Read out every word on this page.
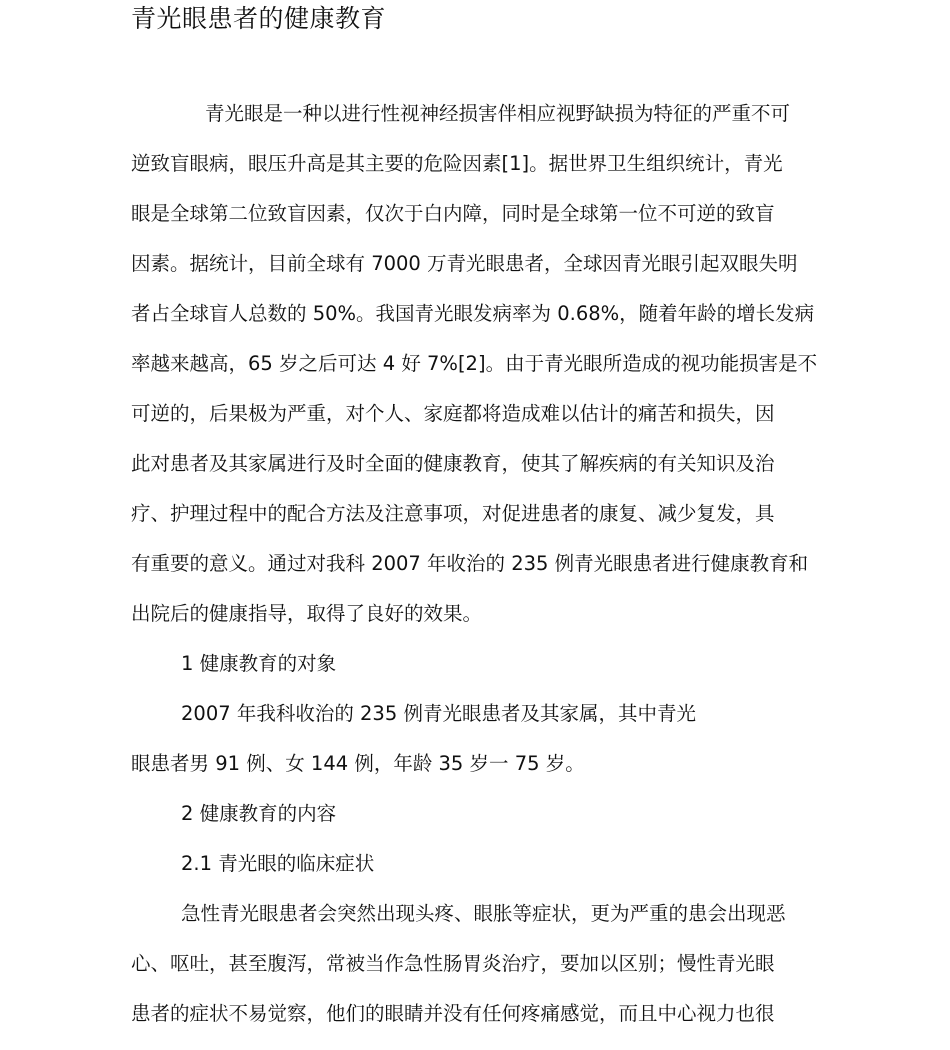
青光眼患者的健康教育
青光眼是一种以进行性视神经损害伴相应视野缺损为特征的严重不可
逆致盲眼病，眼压升高是其主要的危险因素[1]。据世界卫生组织统计，青光
眼是全球第二位致盲因素，仅次于白内障，同时是全球第一位不可逆的致盲
因素。据统计，目前全球有 7000 万青光眼患者，全球因青光眼引起双眼失明
者占全球盲人总数的 50%。我国青光眼发病率为 0.68%，随着年龄的增长发病
率越来越高，65 岁之后可达 4 好 7%[2]。由于青光眼所造成的视功能损害是不
可逆的，后果极为严重，对个人、家庭都将造成难以估计的痛苦和损失，因
此对患者及其家属进行及时全面的健康教育，使其了解疾病的有关知识及治
疗、护理过程中的配合方法及注意事项，对促进患者的康复、减少复发，具
有重要的意义。通过对我科 2007 年收治的 235 例青光眼患者进行健康教育和
出院后的健康指导，取得了良好的效果。
1 健康教育的对象
2007 年我科收治的 235 例青光眼患者及其家属，其中青光
眼患者男 91 例、女 144 例，年龄 35 岁一 75 岁。
2 健康教育的内容
2.1 青光眼的临床症状
急性青光眼患者会突然出现头疼、眼胀等症状，更为严重的患会出现恶
心、呕吐，甚至腹泻，常被当作急性肠胃炎治疗，要加以区别；慢性青光眼
患者的症状不易觉察，他们的眼睛并没有任何疼痛感觉，而且中心视力也很
